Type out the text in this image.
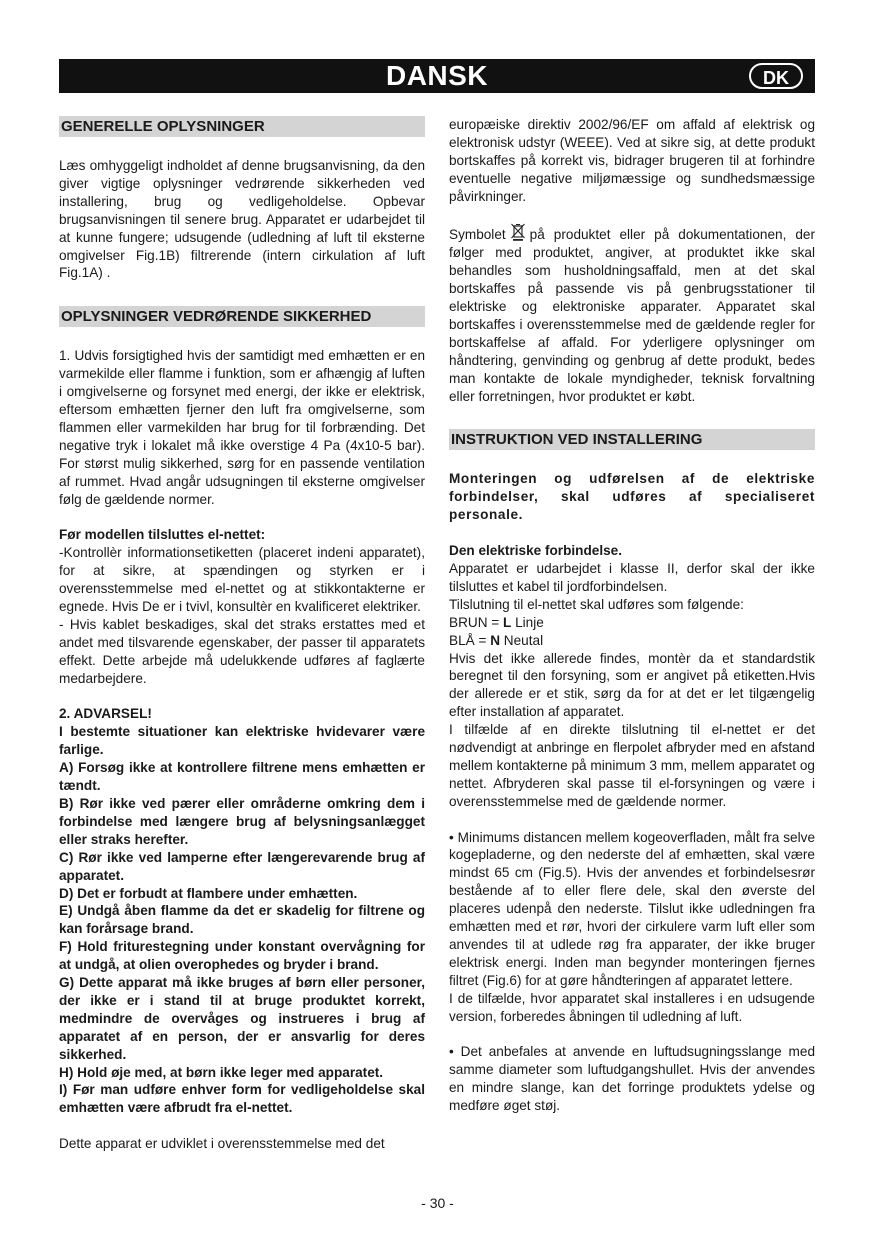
DANSK	DK
GENERELLE OPLYSNINGER

Læs omhyggeligt indholdet af denne brugsanvisning, da den giver vigtige oplysninger vedrørende sikkerheden ved installering, brug og vedligeholdelse. Opbevar brugsanvisningen til senere brug. Apparatet er udarbejdet til at kunne fungere; udsugende (udledning af luft til eksterne omgivelser Fig.1B) filtrerende (intern cirkulation af luft Fig.1A) .

OPLYSNINGER VEDRØRENDE SIKKERHED

1. Udvis forsigtighed hvis der samtidigt med emhætten er en varmekilde eller flamme i funktion, som er afhængig af luften i omgivelserne og forsynet med energi, der ikke er elektrisk, eftersom emhætten fjerner den luft fra omgivelserne, som flammen eller varmekilden har brug for til forbrænding. Det negative tryk i lokalet må ikke overstige 4 Pa (4x10-5 bar). For størst mulig sikkerhed, sørg for en passende ventilation af rummet. Hvad angår udsugningen til eksterne omgivelser følg de gældende normer.

Før modellen tilsluttes el-nettet:

-Kontrollèr informationsetiketten (placeret indeni apparatet), for at sikre, at spændingen og styrken er i overensstemmelse med el-nettet og at stikkontakterne er egnede. Hvis De er i tvivl, konsultèr en kvalificeret elektriker.

- Hvis kablet beskadiges, skal det straks erstattes med et andet med tilsvarende egenskaber, der passer til apparatets effekt. Dette arbejde må udelukkende udføres af faglærte medarbejdere.

2. ADVARSEL!

I bestemte situationer kan elektriske hvidevarer være farlige.

A) Forsøg ikke at kontrollere filtrene mens emhætten er tændt.

B) Rør ikke ved pærer eller områderne omkring dem i forbindelse med længere brug af belysningsanlægget eller straks herefter.

C) Rør ikke ved lamperne efter længerevarende brug af apparatet.

D) Det er forbudt at flambere under emhætten.

E) Undgå åben flamme da det er skadelig for filtrene og kan forårsage brand.

F) Hold friturestegning under konstant overvågning for at undgå, at olien overophedes og bryder i brand.

G) Dette apparat må ikke bruges af børn eller personer, der ikke er i stand til at bruge produktet korrekt, medmindre de overvåges og instrueres i brug af apparatet af en person, der er ansvarlig for deres sikkerhed.

H) Hold øje med, at børn ikke leger med apparatet.

I) Før man udføre enhver form for vedligeholdelse skal emhætten være afbrudt fra el-nettet.

Dette apparat er udviklet i overensstemmelse med det

europæiske direktiv 2002/96/EF om affald af elektrisk og elektronisk udstyr (WEEE). Ved at sikre sig, at dette produkt bortskaffes på korrekt vis, bidrager brugeren til at forhindre eventuelle negative miljømæssige og sundhedsmæssige påvirkninger.

Symbolet på produktet eller på dokumentationen, der følger med produktet, angiver, at produktet ikke skal behandles som husholdningsaffald, men at det skal bortskaffes på passende vis på genbrugsstationer til elektriske og elektroniske apparater. Apparatet skal bortskaffes i overensstemmelse med de gældende regler for bortskaffelse af affald. For yderligere oplysninger om håndtering, genvinding og genbrug af dette produkt, bedes man kontakte de lokale myndigheder, teknisk forvaltning eller forretningen, hvor produktet er købt.

INSTRUKTION VED INSTALLERING

Monteringen og udførelsen af de elektriske forbindelser, skal udføres af specialiseret personale.

Den elektriske forbindelse.

Apparatet er udarbejdet i klasse II, derfor skal der ikke tilsluttes et kabel til jordforbindelsen.

Tilslutning til el-nettet skal udføres som følgende:

BRUN = L Linje

BLÅ = N Neutal

Hvis det ikke allerede findes, montèr da et standardstik beregnet til den forsyning, som er angivet på etiketten.Hvis der allerede er et stik, sørg da for at det er let tilgængelig efter installation af apparatet.

I tilfælde af en direkte tilslutning til el-nettet er det nødvendigt at anbringe en flerpolet afbryder med en afstand mellem kontakterne på minimum 3 mm, mellem apparatet og nettet. Afbryderen skal passe til el-forsyningen og være i overensstemmelse med de gældende normer.

• Minimums distancen mellem kogeoverfladen, målt fra selve kogepladerne, og den nederste del af emhætten, skal være mindst 65 cm (Fig.5). Hvis der anvendes et forbindelsesrør bestående af to eller flere dele, skal den øverste del placeres udenpå den nederste. Tilslut ikke udledningen fra emhætten med et rør, hvori der cirkulere varm luft eller som anvendes til at udlede røg fra apparater, der ikke bruger elektrisk energi. Inden man begynder monteringen fjernes filtret (Fig.6) for at gøre håndteringen af apparatet lettere.

I de tilfælde, hvor apparatet skal installeres i en udsugende version, forberedes åbningen til udledning af luft.

• Det anbefales at anvende en luftudsugningsslange med samme diameter som luftudgangshullet. Hvis der anvendes en mindre slange, kan det forringe produktets ydelse og medføre øget støj.

- 30 -
